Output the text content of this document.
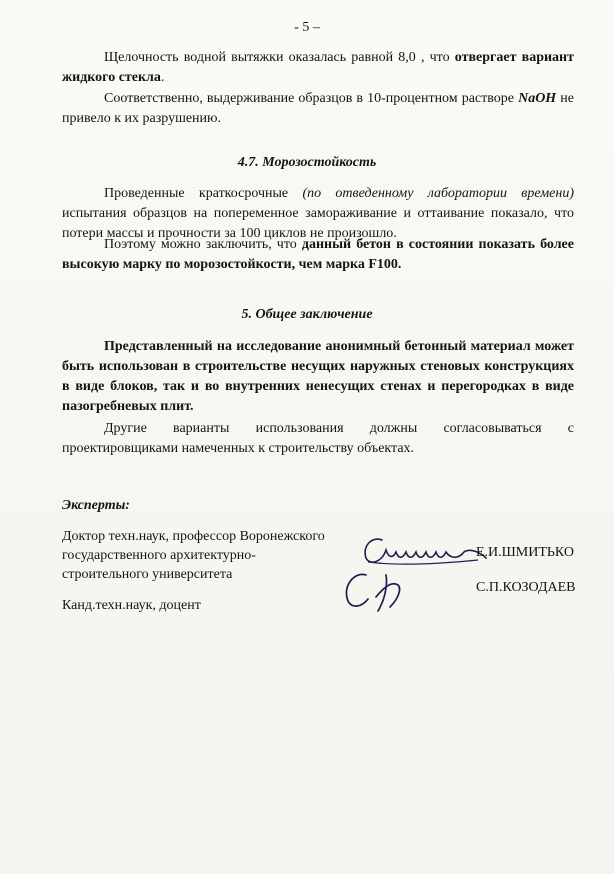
- 5 –
Щелочность водной вытяжки оказалась равной 8,0 , что отвергает вариант жидкого стекла.
Соответственно, выдерживание образцов в 10-процентном растворе NaOH не привело к их разрушению.
4.7. Морозостойкость
Проведенные краткосрочные (по отведенному лаборатории времени) испытания образцов на попеременное замораживание и оттаивание показало, что потери массы и прочности за 100 циклов не произошло.
Поэтому можно заключить, что данный бетон в состоянии показать более высокую марку по морозостойкости, чем марка F100.
5. Общее заключение
Представленный на исследование анонимный бетонный материал может быть использован в строительстве несущих наружных стеновых конструкциях в виде блоков, так и во внутренних ненесущих стенах и перегородках в виде пазогребневых плит.
Другие варианты использования должны согласовываться с проектировщиками намеченных к строительству объектах.
Эксперты:
Доктор техн.наук, профессор Воронежского
государственного архитектурно-
строительного университета
Канд.техн.наук, доцент
Е.И.ШМИТЬКО
С.П.КОЗОДАЕВ
